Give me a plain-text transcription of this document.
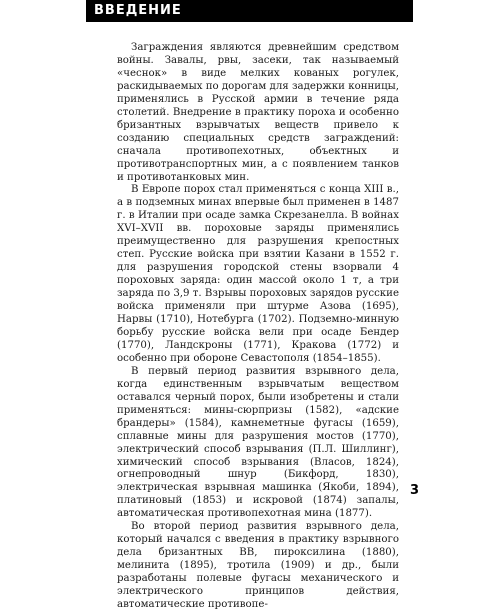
ВВЕДЕНИЕ

Заграждения являются древнейшим средством войны. Завалы, рвы, засеки, так называемый «чеснок» в виде мелких кованых рогулек, раскидываемых по дорогам для задержки конницы, применялись в Русской армии в течение ряда столетий. Внедрение в практику пороха и особенно бризантных взрывчатых веществ привело к созданию специальных средств заграждений: сначала противопехотных, объектных и противотранспортных мин, а с появлением танков и противотанковых мин.

В Европе порох стал применяться с конца XIII в., а в подземных минах впервые был применен в 1487 г. в Италии при осаде замка Скрезанелла. В войнах XVI–XVII вв. пороховые заряды применялись преимущественно для разрушения крепостных степ. Русские войска при взятии Казани в 1552 г. для разрушения городской стены взорвали 4 пороховых заряда: один массой около 1 т, а три заряда по 3,9 т. Взрывы пороховых зарядов русские войска применяли при штурме Азова (1695), Нарвы (1710), Нотебурга (1702). Подземно-минную борьбу русские войска вели при осаде Бендер (1770), Ландскроны (1771), Кракова (1772) и особенно при обороне Севастополя (1854–1855).

В первый период развития взрывного дела, когда единственным взрывчатым веществом оставался черный порох, были изобретены и стали применяться: мины-сюрпризы (1582), «адские брандеры» (1584), камнеметные фугасы (1659), сплавные мины для разрушения мостов (1770), электрический способ взрывания (П.Л. Шиллинг), химический способ взрывания (Власов, 1824), огнепроводный шнур (Бикфорд, 1830), электрическая взрывная машинка (Якоби, 1894), платиновый (1853) и искровой (1874) запалы, автоматическая противопехотная мина (1877).

Во второй период развития взрывного дела, который начался с введения в практику взрывного дела бризантных ВВ, пироксилина (1880), мелинита (1895), тротила (1909) и др., были разработаны полевые фугасы механического и электрического принципов действия, автоматические противопе-

3
